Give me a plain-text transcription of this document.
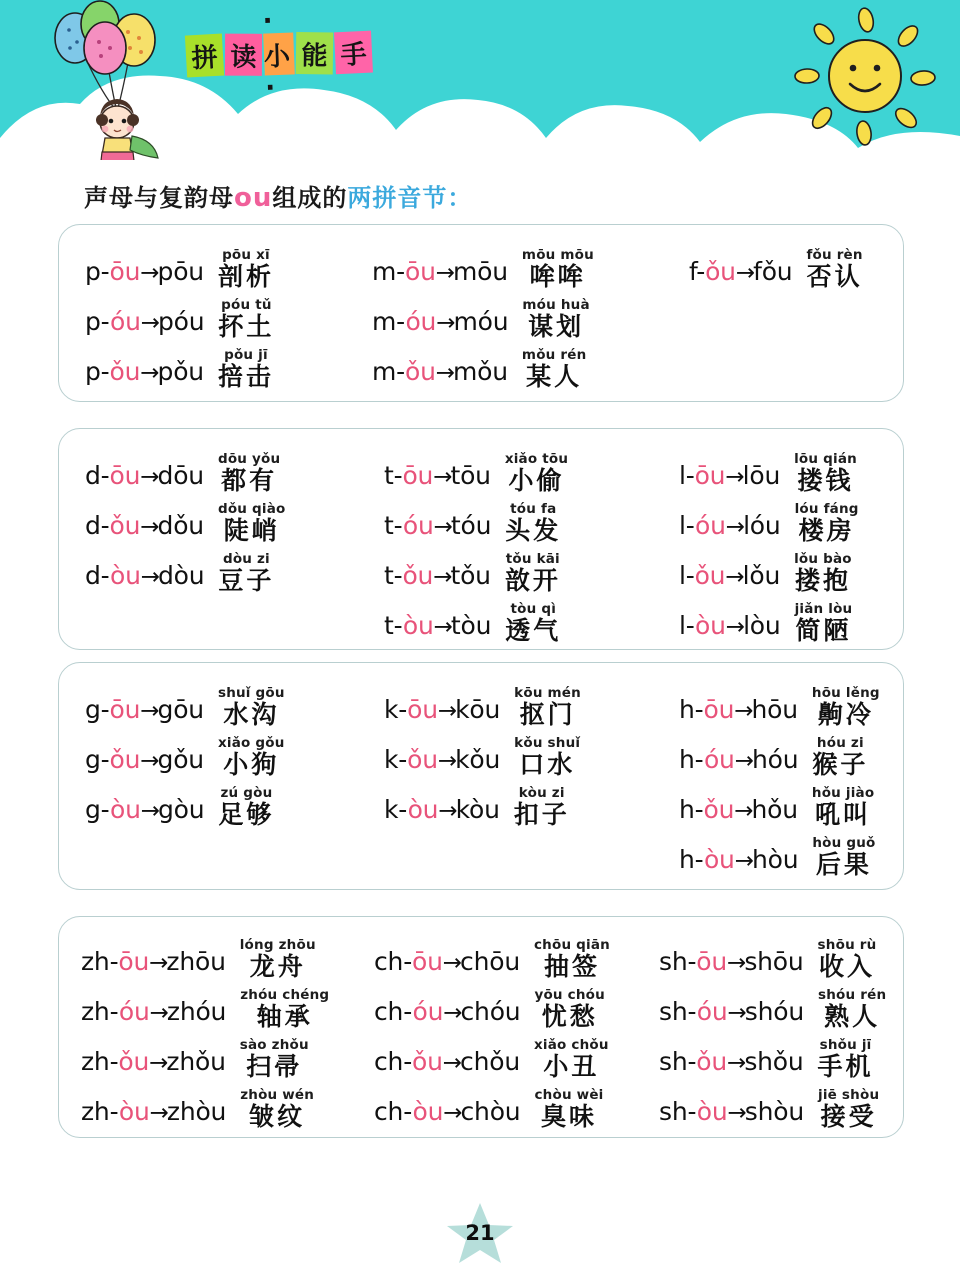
拼 读
·小·
能 手
声母与复韵母ou组成的两拼音节：
p-ōu→pōu
pōu xī
剖析
p-óu→póu
póu tǔ
抔土
p-ǒu→pǒu
pǒu jī
掊击
m-ōu→mōu
mōu mōu
哞哞
m-óu→móu
móu huà
谋划
m-ǒu→mǒu
mǒu rén
某人
f-ǒu→fǒu
fǒu rèn
否认
d-ōu→dōu
dōu yǒu
都有
d-ǒu→dǒu
dǒu qiào
陡峭
d-òu→dòu
dòu zi
豆子
t-ōu→tōu
xiǎo tōu
小偷
t-óu→tóu
tóu fa
头发
t-ǒu→tǒu
tǒu kāi
敨开
t-òu→tòu
tòu qì
透气
l-ōu→lōu
lōu qián
搂钱
l-óu→lóu
lóu fáng
楼房
l-ǒu→lǒu
lǒu bào
搂抱
l-òu→lòu
jiǎn lòu
简陋
g-ōu→gōu
shuǐ gōu
水沟
g-ǒu→gǒu
xiǎo gǒu
小狗
g-òu→gòu
zú gòu
足够
k-ōu→kōu
kōu mén
抠门
k-ǒu→kǒu
kǒu shuǐ
口水
k-òu→kòu
kòu zi
扣子
h-ōu→hōu
hōu lěng
齁冷
h-óu→hóu
hóu zi
猴子
h-ǒu→hǒu
hǒu jiào
吼叫
h-òu→hòu
hòu guǒ
后果
zh-ōu→zhōu
lóng zhōu
龙舟
zh-óu→zhóu
zhóu chéng
轴承
zh-ǒu→zhǒu
sào zhǒu
扫帚
zh-òu→zhòu
zhòu wén
皱纹
ch-ōu→chōu
chōu qiān
抽签
ch-óu→chóu
yōu chóu
忧愁
ch-ǒu→chǒu
xiǎo chǒu
小丑
ch-òu→chòu
chòu wèi
臭味
sh-ōu→shōu
shōu rù
收入
sh-óu→shóu
shóu rén
熟人
sh-ǒu→shǒu
shǒu jī
手机
sh-òu→shòu
jiē shòu
接受
21
